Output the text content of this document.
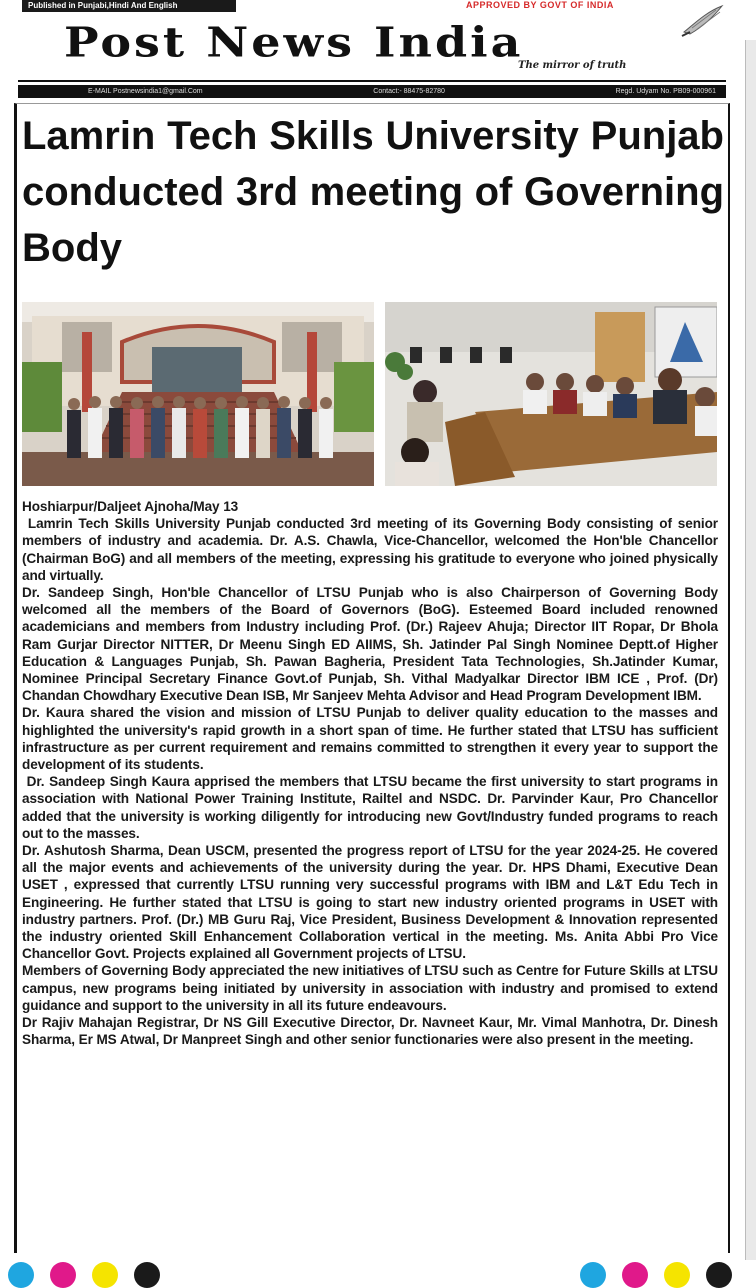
Published in Punjabi,Hindi And English	APPROVED BY GOVT OF INDIA
Post News India
The mirror of truth
E-MAIL Postnewsindia1@gmail.Com	Contact:- 88475-82780	Regd. Udyam No. PB09-000961
Lamrin Tech Skills University Punjab conducted 3rd meeting of Governing Body

Hoshiarpur/Daljeet Ajnoha/May 13

Lamrin Tech Skills University Punjab conducted 3rd meeting of its Governing Body consisting of senior members of industry and academia. Dr. A.S. Chawla, Vice-Chancellor, welcomed the Hon'ble Chancellor (Chairman BoG) and all members of the meeting, expressing his gratitude to everyone who joined physically and virtually.

Dr. Sandeep Singh, Hon'ble Chancellor of LTSU Punjab who is also Chairperson of Governing Body welcomed all the members of the Board of Governors (BoG). Esteemed Board included renowned academicians and members from Industry including Prof. (Dr.) Rajeev Ahuja; Director IIT Ropar, Dr Bhola Ram Gurjar Director NITTER, Dr Meenu Singh ED AIIMS, Sh. Jatinder Pal Singh Nominee Deptt.of Higher Education & Languages Punjab, Sh. Pawan Bagheria, President Tata Technologies, Sh.Jatinder Kumar, Nominee Principal Secretary Finance Govt.of Punjab, Sh. Vithal Madyalkar Director IBM ICE , Prof. (Dr) Chandan Chowdhary Executive Dean ISB, Mr Sanjeev Mehta Advisor and Head Program Development IBM.

Dr. Kaura shared the vision and mission of LTSU Punjab to deliver quality education to the masses and highlighted the university's rapid growth in a short span of time. He further stated that LTSU has sufficient infrastructure as per current requirement and remains committed to strengthen it every year to support the development of its students.

Dr. Sandeep Singh Kaura apprised the members that LTSU became the first university to start programs in association with National Power Training Institute, Railtel and NSDC. Dr. Parvinder Kaur, Pro Chancellor added that the university is working diligently for introducing new Govt/Industry funded programs to reach out to the masses.

Dr. Ashutosh Sharma, Dean USCM, presented the progress report of LTSU for the year 2024-25. He covered all the major events and achievements of the university during the year. Dr. HPS Dhami, Executive Dean USET , expressed that currently LTSU running very successful programs with IBM and L&T Edu Tech in Engineering. He further stated that LTSU is going to start new industry oriented programs in USET with industry partners. Prof. (Dr.) MB Guru Raj, Vice President, Business Development & Innovation represented the industry oriented Skill Enhancement Collaboration vertical in the meeting. Ms. Anita Abbi Pro Vice Chancellor Govt. Projects explained all Government projects of LTSU.

Members of Governing Body appreciated the new initiatives of LTSU such as Centre for Future Skills at LTSU campus, new programs being initiated by university in association with industry and promised to extend guidance and support to the university in all its future endeavours.

Dr Rajiv Mahajan Registrar, Dr NS Gill Executive Director, Dr. Navneet Kaur, Mr. Vimal Manhotra, Dr. Dinesh Sharma, Er MS Atwal, Dr Manpreet Singh and other senior functionaries were also present in the meeting.
